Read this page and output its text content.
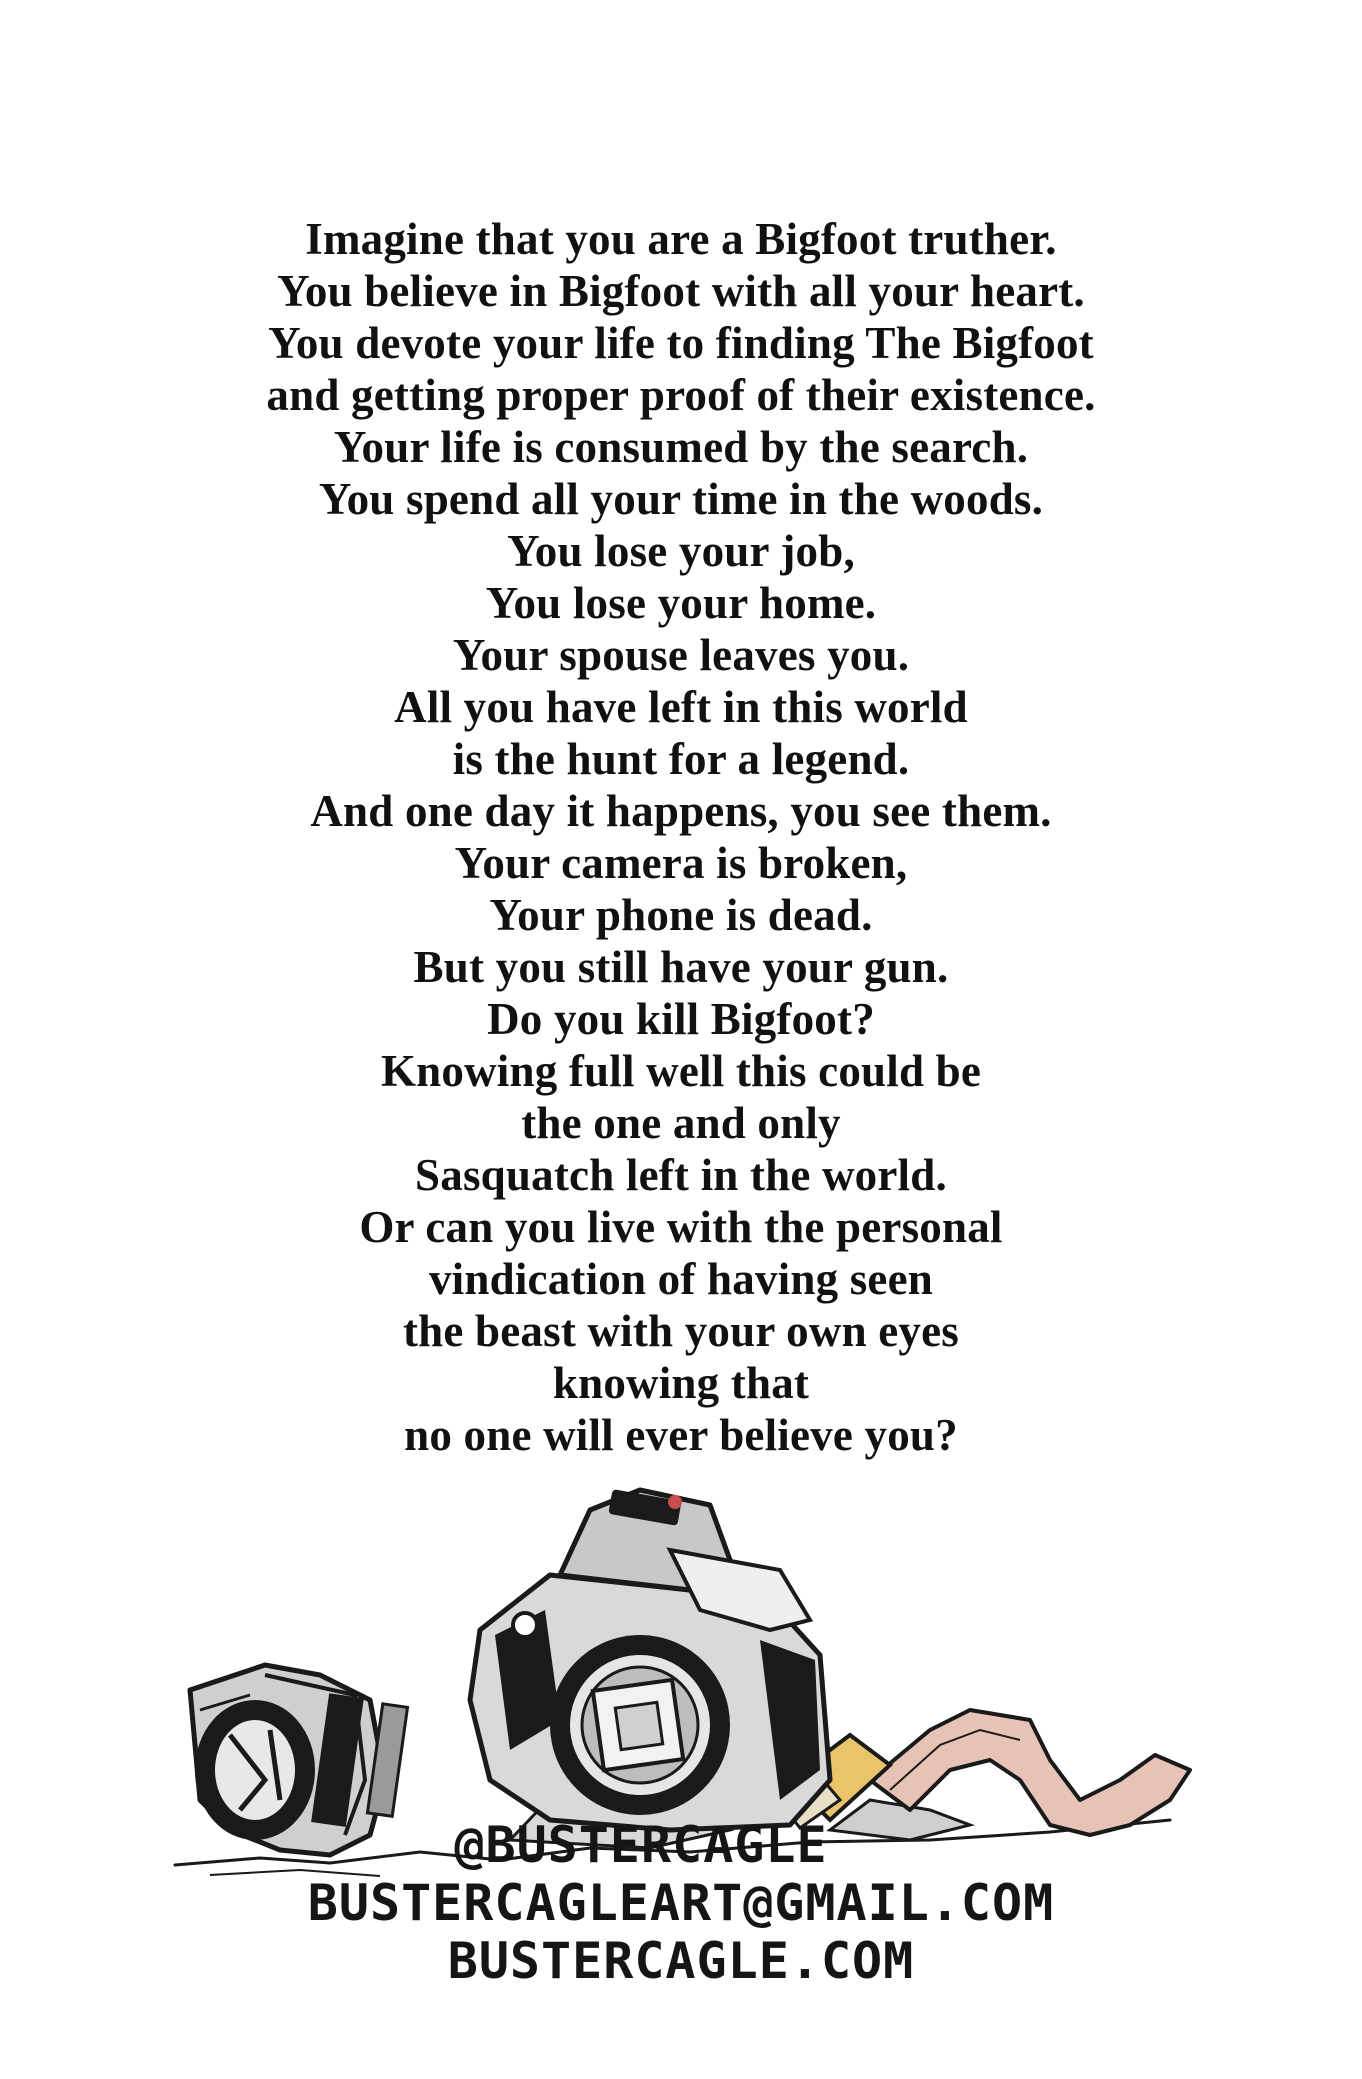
Imagine that you are a Bigfoot truther.
You believe in Bigfoot with all your heart.
You devote your life to finding The Bigfoot
and getting proper proof of their existence.
Your life is consumed by the search.
You spend all your time in the woods.
You lose your job,
You lose your home.
Your spouse leaves you.
All you have left in this world
is the hunt for a legend.
And one day it happens, you see them.
Your camera is broken,
Your phone is dead.
But you still have your gun.
Do you kill Bigfoot?
Knowing full well this could be
the one and only
Sasquatch left in the world.
Or can you live with the personal
vindication of having seen
the beast with your own eyes
knowing that
no one will ever believe you?
@BUSTERCAGLE
BUSTERCAGLEART@GMAIL.COM
BUSTERCAGLE.COM
